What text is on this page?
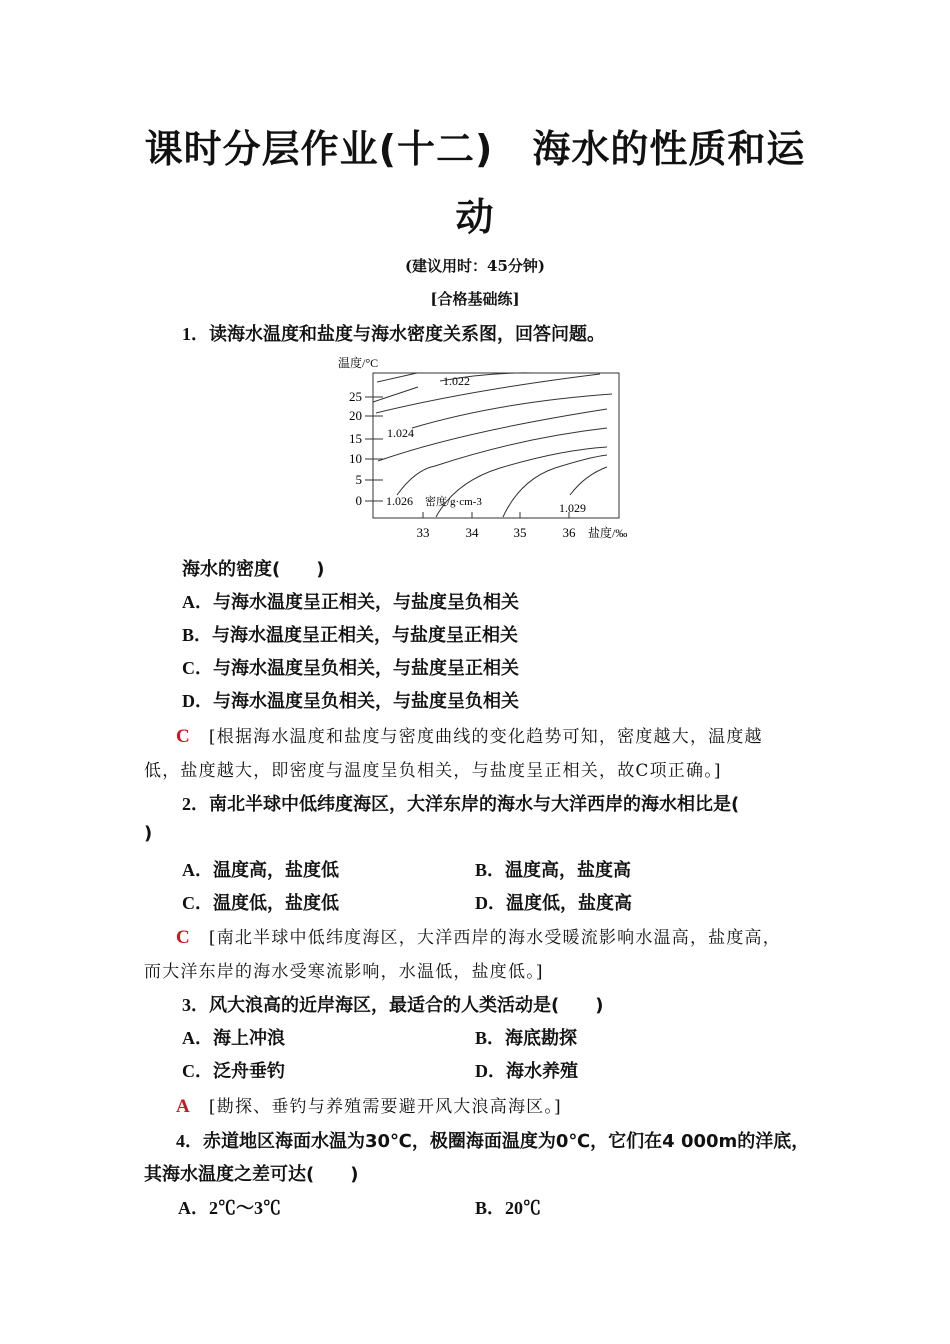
课时分层作业(十二)　海水的性质和运
动
(建议用时：45分钟)
[合格基础练]
1．读海水温度和盐度与海水密度关系图，回答问题。
温度/°C
25
20
15
10
5
0
33	34	35	36 盐度/‰
1.022
1.024
1.026	1.029
密度/g·cm-3
海水的密度(　　)
A．与海水温度呈正相关，与盐度呈负相关
B．与海水温度呈正相关，与盐度呈正相关
C．与海水温度呈负相关，与盐度呈正相关
D．与海水温度呈负相关，与盐度呈负相关
C [根据海水温度和盐度与密度曲线的变化趋势可知，密度越大，温度越
低，盐度越大，即密度与温度呈负相关，与盐度呈正相关，故C项正确。]
2．南北半球中低纬度海区，大洋东岸的海水与大洋西岸的海水相比是(
)
A．温度高，盐度低	B．温度高，盐度高
C．温度低，盐度低	D．温度低，盐度高
C [南北半球中低纬度海区，大洋西岸的海水受暖流影响水温高，盐度高，
而大洋东岸的海水受寒流影响，水温低，盐度低。]
3．风大浪高的近岸海区，最适合的人类活动是(　　)
A．海上冲浪	B．海底勘探
C．泛舟垂钓	D．海水养殖
A [勘探、垂钓与养殖需要避开风大浪高海区。]
4．赤道地区海面水温为30℃，极圈海面温度为0℃，它们在4 000m的洋底，
其海水温度之差可达(　　)
A．2℃～3℃	B．20℃
